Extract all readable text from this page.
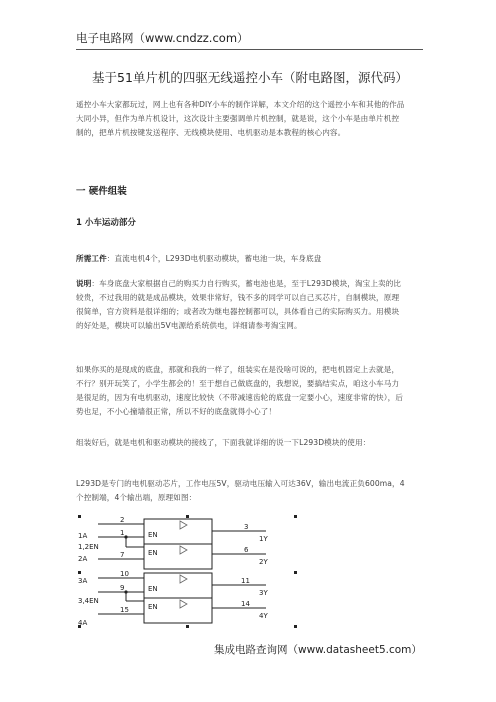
电子电路网（www.cndzz.com）
基于51单片机的四驱无线遥控小车（附电路图，源代码）
遥控小车大家都玩过，网上也有各种DIY小车的制作详解，本文介绍的这个遥控小车和其他的作品大同小异，但作为单片机设计，这次设计主要强调单片机控制，就是说，这个小车是由单片机控制的，把单片机按键发送程序、无线模块使用、电机驱动是本教程的核心内容。
一 硬件组装
1 小车运动部分
所需工件：直流电机4个，L293D电机驱动模块，蓄电池一块，车身底盘
说明：车身底盘大家根据自己的购买力自行购买，蓄电池也是，至于L293D模块，淘宝上卖的比较贵，不过我用的就是成品模块，效果非常好，钱不多的同学可以自己买芯片，自制模块，原理很简单，官方资料是很详细的；或者改为继电器控制都可以，具体看自己的实际购买力。用模块的好处是，模块可以输出5V电源给系统供电，详细请参考淘宝网。
如果你买的是现成的底盘，那就和我的一样了，组装实在是没啥可说的，把电机固定上去就是，不行？别开玩笑了，小学生都会的！至于想自己做底盘的，我想说，要搞结实点，咱这小车马力是很足的，因为有电机驱动，速度比较快（不带减速齿轮的底盘一定要小心，速度非常的快），后势也足，不小心撞墙很正常，所以不好的底盘就得小心了！
组装好后，就是电机和驱动模块的接线了，下面我就详细的说一下L293D模块的使用：
L293D是专门的电机驱动芯片，工作电压5V，驱动电压输入可达36V，输出电流正负600ma，4个控制端，4个输出端，原理如图：
1A
1,2EN
2A
3A
3,4EN
4A
2
1
7
10
9
15
EN
EN
EN
EN
3
6
11
14
1Y
2Y
3Y
4Y
集成电路查询网（www.datasheet5.com）
